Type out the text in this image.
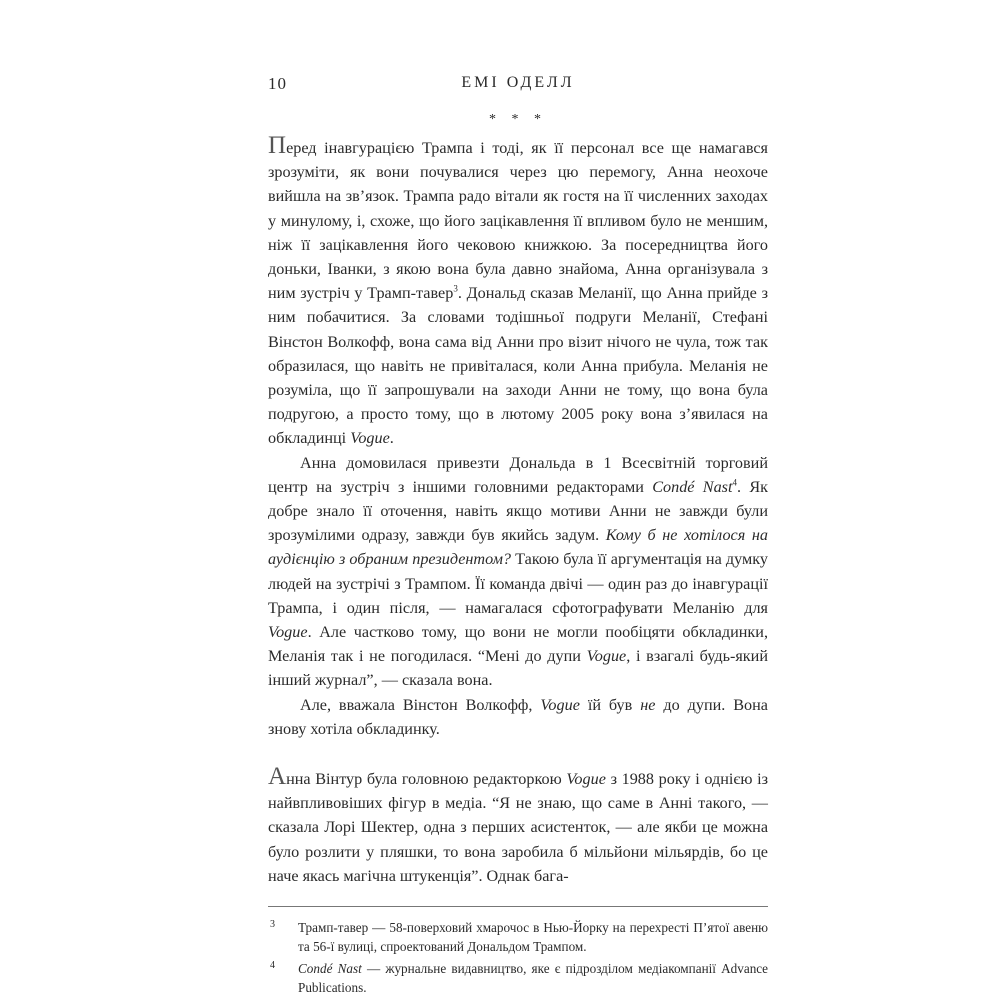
10	ЕМІ ОДЕЛЛ
* * *

Перед інавгурацією Трампа і тоді, як її персонал все ще намагався зрозуміти, як вони почувалися через цю перемогу, Анна неохоче вийшла на зв’язок. Трампа радо вітали як гостя на її численних заходах у минулому, і, схоже, що його зацікавлення її впливом було не меншим, ніж її зацікавлення його чековою книжкою. За посередництва його доньки, Іванки, з якою вона була давно знайома, Анна організувала з ним зустріч у Трамп-тавер$^3$. Дональд сказав Меланії, що Анна прийде з ним побачитися. За словами тодішньої подруги Меланії, Стефані Вінстон Волкофф, вона сама від Анни про візит нічого не чула, тож так образилася, що навіть не привіталася, коли Анна прибула. Меланія не розуміла, що її запрошували на заходи Анни не тому, що вона була подругою, а просто тому, що в лютому 2005 року вона з’явилася на обкладинці Vogue.

Анна домовилася привезти Дональда в 1 Всесвітній торговий центр на зустріч з іншими головними редакторами Condé Nast$^4$. Як добре знало її оточення, навіть якщо мотиви Анни не завжди були зрозумілими одразу, завжди був якийсь задум. Кому б не хотілося на аудієнцію з обраним президентом? Такою була її аргументація на думку людей на зустрічі з Трампом. Її команда двічі — один раз до інавгурації Трампа, і один після, — намагалася сфотографувати Меланію для Vogue. Але частково тому, що вони не могли пообіцяти обкладинки, Меланія так і не погодилася. “Мені до дупи Vogue, і взагалі будь-який інший журнал”, — сказала вона.

Але, вважала Вінстон Волкофф, Vogue їй був не до дупи. Вона знову хотіла обкладинку.

Анна Вінтур була головною редакторкою Vogue з 1988 року і однією із найвпливовіших фігур в медіа. “Я не знаю, що саме в Анні такого, — сказала Лорі Шектер, одна з перших асистенток, — але якби це можна було розлити у пляшки, то вона заробила б мільйони мільярдів, бо це наче якась магічна штукенція”. Однак бага-

3 Трамп-тавер — 58-поверховий хмарочос в Нью-Йорку на перехресті П’ятої авеню та 56-ї вулиці, спроектований Дональдом Трампом.
4 Condé Nast — журнальне видавництво, яке є підрозділом медіакомпанії Advance Publications.
